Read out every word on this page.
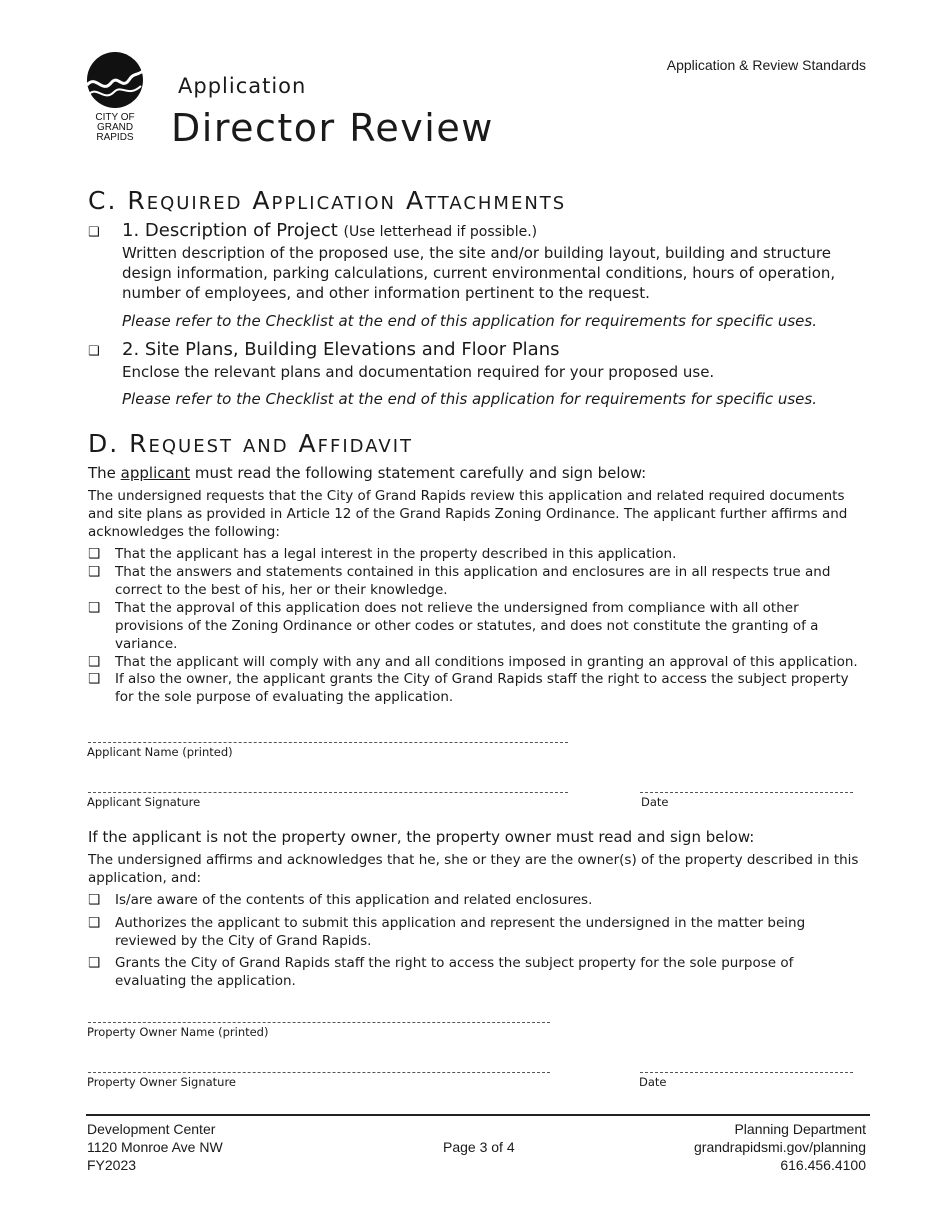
CITY OF
GRAND
RAPIDS
Application & Review Standards
Application
Director Review
C. Required Application Attachments
❑ 1. Description of Project (Use letterhead if possible.)
Written description of the proposed use, the site and/or building layout, building and structure
design information, parking calculations, current environmental conditions, hours of operation,
number of employees, and other information pertinent to the request.
Please refer to the Checklist at the end of this application for requirements for specific uses.
❑ 2. Site Plans, Building Elevations and Floor Plans
Enclose the relevant plans and documentation required for your proposed use.
Please refer to the Checklist at the end of this application for requirements for specific uses.
D. Request and Affidavit
The applicant must read the following statement carefully and sign below:
The undersigned requests that the City of Grand Rapids review this application and related required documents
and site plans as provided in Article 12 of the Grand Rapids Zoning Ordinance. The applicant further affirms and
acknowledges the following:
❑ That the applicant has a legal interest in the property described in this application.
❑ That the answers and statements contained in this application and enclosures are in all respects true and
correct to the best of his, her or their knowledge.
❑ That the approval of this application does not relieve the undersigned from compliance with all other
provisions of the Zoning Ordinance or other codes or statutes, and does not constitute the granting of a
variance.
❑ That the applicant will comply with any and all conditions imposed in granting an approval of this application.
❑ If also the owner, the applicant grants the City of Grand Rapids staff the right to access the subject property
for the sole purpose of evaluating the application.
Applicant Name (printed)
Applicant Signature	Date
If the applicant is not the property owner, the property owner must read and sign below:
The undersigned affirms and acknowledges that he, she or they are the owner(s) of the property described in this
application, and:
❑ Is/are aware of the contents of this application and related enclosures.
❑ Authorizes the applicant to submit this application and represent the undersigned in the matter being
reviewed by the City of Grand Rapids.
❑ Grants the City of Grand Rapids staff the right to access the subject property for the sole purpose of
evaluating the application.
Property Owner Name (printed)
Property Owner Signature	Date
Development Center
1120 Monroe Ave NW
FY2023
Page 3 of 4
Planning Department
grandrapidsmi.gov/planning
616.456.4100
